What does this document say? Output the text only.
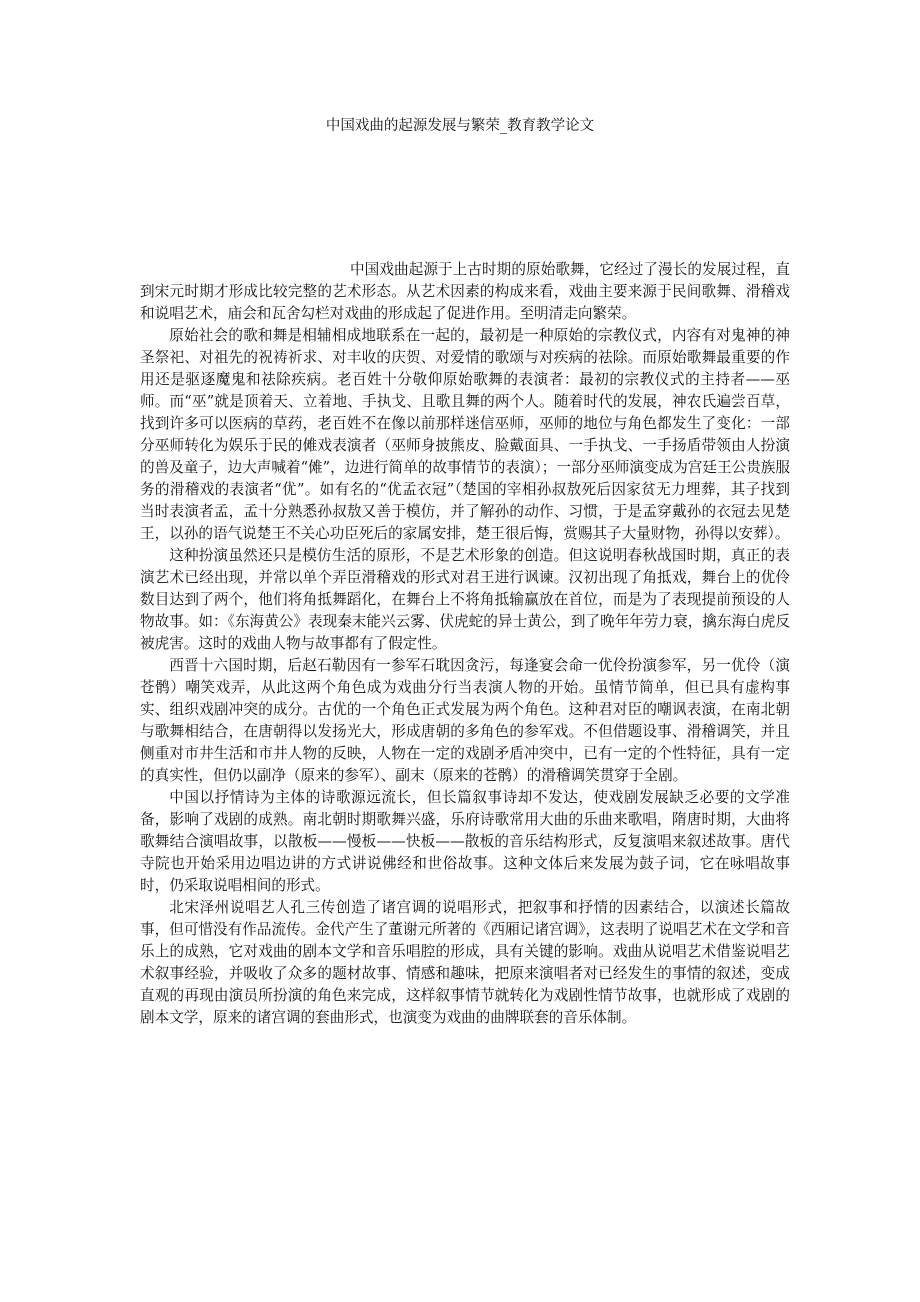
中国戏曲的起源发展与繁荣_教育教学论文

中国戏曲起源于上古时期的原始歌舞，它经过了漫长的发展过程，直到宋元时期才形成比较完整的艺术形态。从艺术因素的构成来看，戏曲主要来源于民间歌舞、滑稽戏和说唱艺术，庙会和瓦舍勾栏对戏曲的形成起了促进作用。至明清走向繁荣。

原始社会的歌和舞是相辅相成地联系在一起的，最初是一种原始的宗教仪式，内容有对鬼神的神圣祭祀、对祖先的祝祷祈求、对丰收的庆贺、对爱情的歌颂与对疾病的祛除。而原始歌舞最重要的作用还是驱逐魔鬼和祛除疾病。老百姓十分敬仰原始歌舞的表演者：最初的宗教仪式的主持者——巫师。而“巫”就是顶着天、立着地、手执戈、且歌且舞的两个人。随着时代的发展，神农氏遍尝百草，找到许多可以医病的草药，老百姓不在像以前那样迷信巫师，巫师的地位与角色都发生了变化：一部分巫师转化为娱乐于民的傩戏表演者（巫师身披熊皮、脸戴面具、一手执戈、一手扬盾带领由人扮演的兽及童子，边大声喊着“傩”，边进行简单的故事情节的表演）；一部分巫师演变成为宫廷王公贵族服务的滑稽戏的表演者“优”。如有名的“优孟衣冠”（楚国的宰相孙叔敖死后因家贫无力埋葬，其子找到当时表演者孟，孟十分熟悉孙叔敖又善于模仿，并了解孙的动作、习惯，于是孟穿戴孙的衣冠去见楚王，以孙的语气说楚王不关心功臣死后的家属安排，楚王很后悔，赏赐其子大量财物，孙得以安葬）。

这种扮演虽然还只是模仿生活的原形，不是艺术形象的创造。但这说明春秋战国时期，真正的表演艺术已经出现，并常以单个弄臣滑稽戏的形式对君王进行讽谏。汉初出现了角抵戏，舞台上的优伶数目达到了两个，他们将角抵舞蹈化，在舞台上不将角抵输赢放在首位，而是为了表现提前预设的人物故事。如：《东海黄公》表现秦末能兴云雾、伏虎蛇的异士黄公，到了晚年年劳力衰，擒东海白虎反被虎害。这时的戏曲人物与故事都有了假定性。

西晋十六国时期，后赵石勒因有一参军石耽因贪污，每逢宴会命一优伶扮演参军，另一优伶（演苍鹘）嘲笑戏弄，从此这两个角色成为戏曲分行当表演人物的开始。虽情节简单，但已具有虚构事实、组织戏剧冲突的成分。古优的一个角色正式发展为两个角色。这种君对臣的嘲讽表演，在南北朝与歌舞相结合，在唐朝得以发扬光大，形成唐朝的多角色的参军戏。不但借题设事、滑稽调笑，并且侧重对市井生活和市井人物的反映，人物在一定的戏剧矛盾冲突中，已有一定的个性特征，具有一定的真实性，但仍以副净（原来的参军）、副末（原来的苍鹘）的滑稽调笑贯穿于全剧。

中国以抒情诗为主体的诗歌源远流长，但长篇叙事诗却不发达，使戏剧发展缺乏必要的文学准备，影响了戏剧的成熟。南北朝时期歌舞兴盛，乐府诗歌常用大曲的乐曲来歌唱，隋唐时期，大曲将歌舞结合演唱故事，以散板——慢板——快板——散板的音乐结构形式，反复演唱来叙述故事。唐代寺院也开始采用边唱边讲的方式讲说佛经和世俗故事。这种文体后来发展为鼓子词，它在咏唱故事时，仍采取说唱相间的形式。

北宋泽州说唱艺人孔三传创造了诸宫调的说唱形式，把叙事和抒情的因素结合，以演述长篇故事，但可惜没有作品流传。金代产生了董谢元所著的《西厢记诸宫调》，这表明了说唱艺术在文学和音乐上的成熟，它对戏曲的剧本文学和音乐唱腔的形成，具有关键的影响。戏曲从说唱艺术借鉴说唱艺术叙事经验，并吸收了众多的题材故事、情感和趣味，把原来演唱者对已经发生的事情的叙述，变成直观的再现由演员所扮演的角色来完成，这样叙事情节就转化为戏剧性情节故事，也就形成了戏剧的剧本文学，原来的诸宫调的套曲形式，也演变为戏曲的曲牌联套的音乐体制。
